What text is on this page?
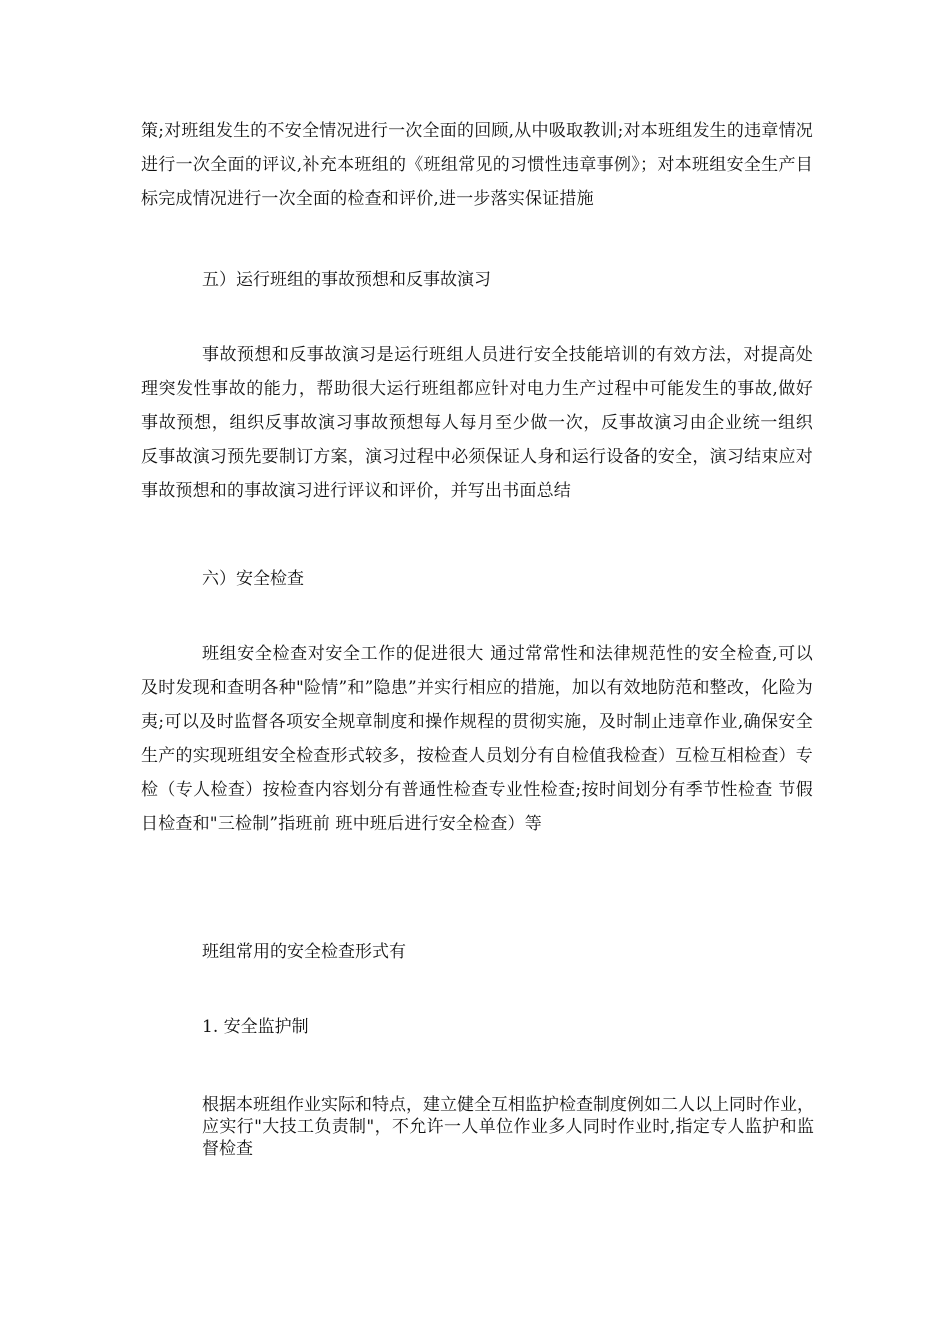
策;对班组发生的不安全情况进行一次全面的回顾,从中吸取教训;对本班组发生的违章情况进行一次全面的评议,补充本班组的《班组常见的习惯性违章事例》；对本班组安全生产目标完成情况进行一次全面的检查和评价,进一步落实保证措施

五）运行班组的事故预想和反事故演习

事故预想和反事故演习是运行班组人员进行安全技能培训的有效方法，对提高处理突发性事故的能力，帮助很大运行班组都应针对电力生产过程中可能发生的事故,做好事故预想，组织反事故演习事故预想每人每月至少做一次，反事故演习由企业统一组织 反事故演习预先要制订方案，演习过程中必须保证人身和运行设备的安全，演习结束应对事故预想和的事故演习进行评议和评价，并写出书面总结

六）安全检查

班组安全检查对安全工作的促进很大 通过常常性和法律规范性的安全检查,可以及时发现和查明各种"险情”和”隐患”并实行相应的措施，加以有效地防范和整改，化险为夷;可以及时监督各项安全规章制度和操作规程的贯彻实施，及时制止违章作业,确保安全生产的实现班组安全检查形式较多，按检查人员划分有自检值我检查）互检互相检查）专检（专人检查）按检查内容划分有普通性检查专业性检查;按时间划分有季节性检查 节假日检查和"三检制”指班前 班中班后进行安全检查）等

班组常用的安全检查形式有

1. 安全监护制

根据本班组作业实际和特点，建立健全互相监护检查制度例如二人以上同时作业，应实行"大技工负责制"，不允许一人单位作业多人同时作业时,指定专人监护和监督检查
